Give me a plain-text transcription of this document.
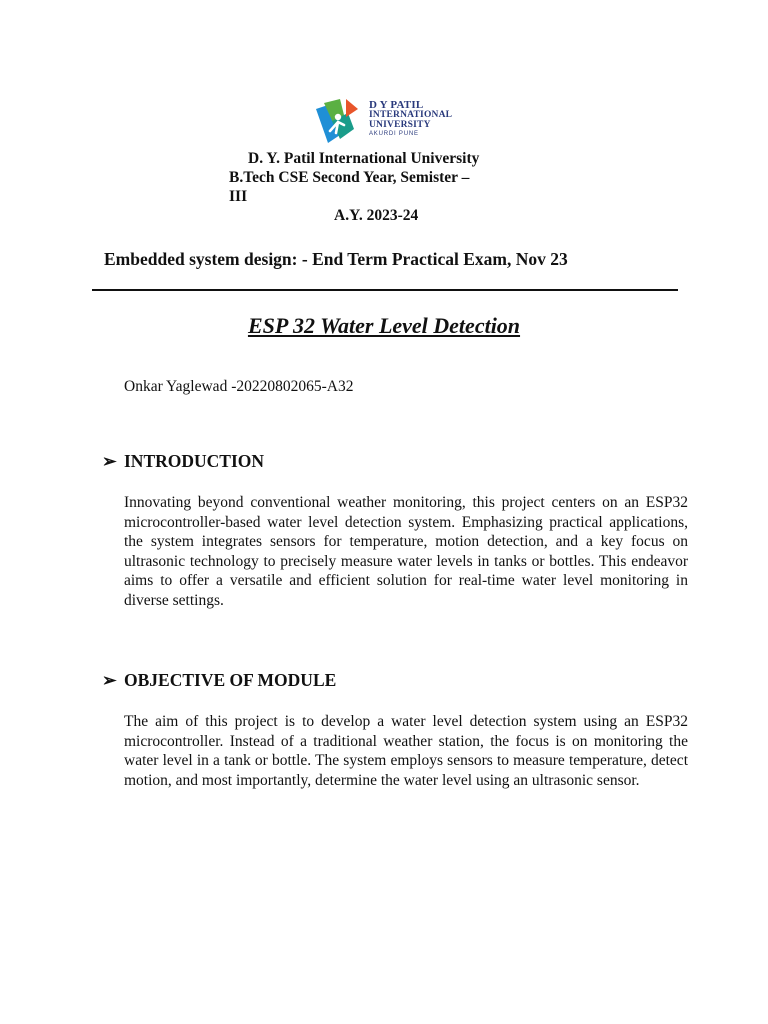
D Y PATIL
INTERNATIONAL
UNIVERSITY
AKURDI PUNE
D. Y. Patil International University
B.Tech CSE Second Year, Semister –
III
A.Y. 2023-24
Embedded system design: - End Term Practical Exam, Nov 23
ESP 32 Water Level Detection
Onkar Yaglewad -20220802065-A32
➢ INTRODUCTION
Innovating beyond conventional weather monitoring, this project centers on an ESP32 microcontroller-based water level detection system. Emphasizing practical applications, the system integrates sensors for temperature, motion detection, and a key focus on ultrasonic technology to precisely measure water levels in tanks or bottles. This endeavor aims to offer a versatile and efficient solution for real-time water level monitoring in diverse settings.
➢ OBJECTIVE OF MODULE
The aim of this project is to develop a water level detection system using an ESP32 microcontroller. Instead of a traditional weather station, the focus is on monitoring the water level in a tank or bottle. The system employs sensors to measure temperature, detect motion, and most importantly, determine the water level using an ultrasonic sensor.
